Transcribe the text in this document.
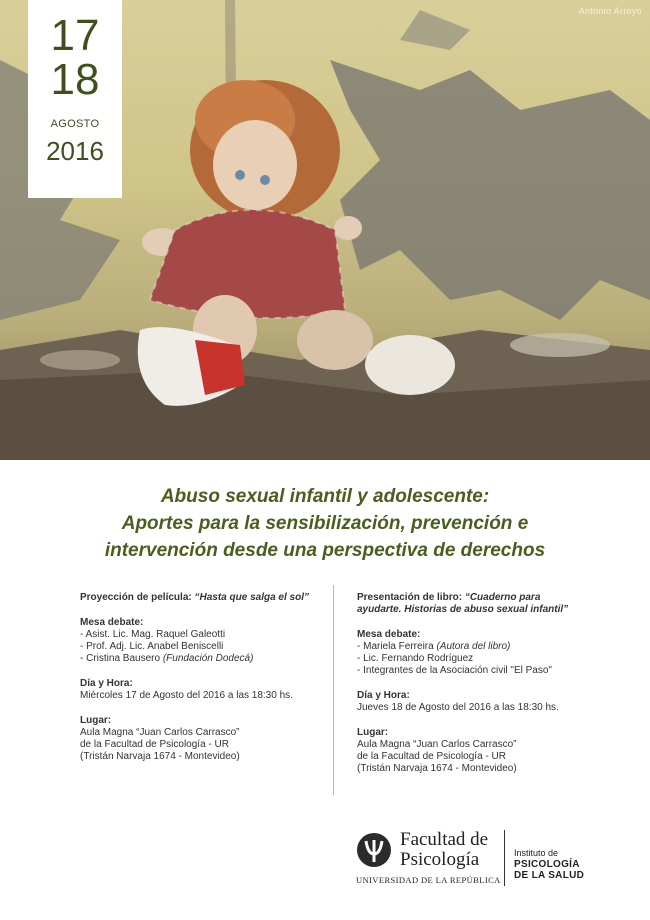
Antonio Arroyo
17
18
AGOSTO
2016
Abuso sexual infantil y adolescente:
Aportes para la sensibilización, prevención e
intervención desde una perspectiva de derechos
Proyección de película: “Hasta que salga el sol”
Mesa debate:
- Asist. Lic. Mag. Raquel Galeotti
- Prof. Adj. Lic. Anabel Beniscelli
- Cristina Bausero (Fundación Dodecá)
Día y Hora:
Miércoles 17 de Agosto del 2016 a las 18:30 hs.
Lugar:
Aula Magna “Juan Carlos Carrasco”
de la Facultad de Psicología - UR
(Tristán Narvaja 1674 - Montevideo)
Presentación de libro: “Cuaderno para
ayudarte. Historias de abuso sexual infantil”
Mesa debate:
- Mariela Ferreira (Autora del libro)
- Lic. Fernando Rodríguez
- Integrantes de la Asociación civil "El Paso"
Día y Hora:
Jueves 18 de Agosto del 2016 a las 18:30 hs.
Lugar:
Aula Magna “Juan Carlos Carrasco”
de la Facultad de Psicología - UR
(Tristán Narvaja 1674 - Montevideo)
Facultad de
Psicología
UNIVERSIDAD DE LA REPÚBLICA
Instituto de
PSICOLOGÍA
DE LA SALUD
